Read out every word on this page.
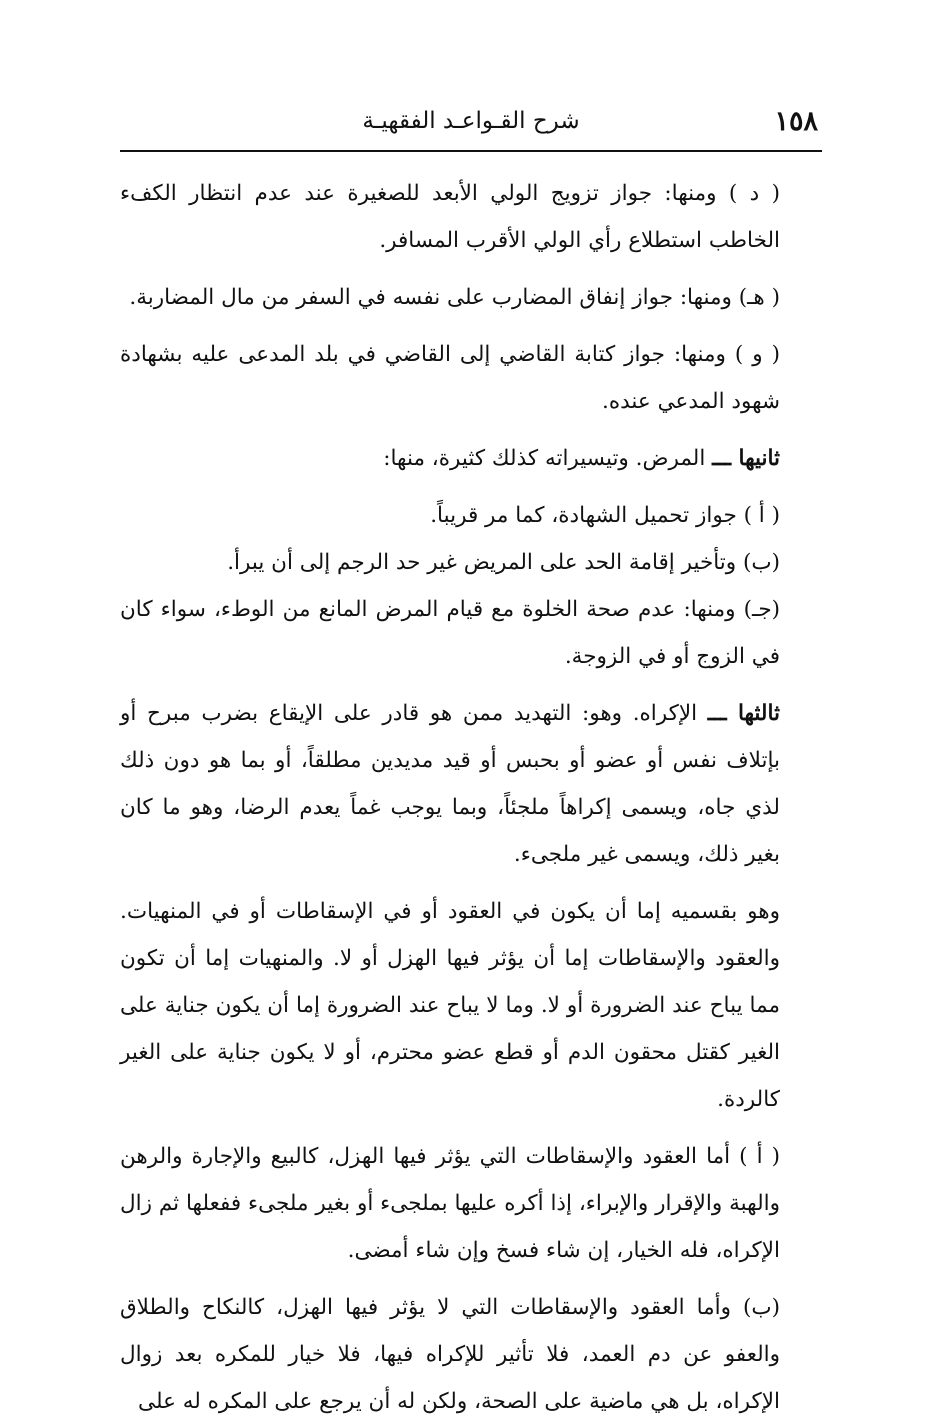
١٥٨
شرح القـواعـد الفقهيـة

( د ) ومنها: جواز تزويج الولي الأبعد للصغيرة عند عدم انتظار الكفء الخاطب استطلاع رأي الولي الأقرب المسافر.

( هـ) ومنها: جواز إنفاق المضارب على نفسه في السفر من مال المضاربة.

( و ) ومنها: جواز كتابة القاضي إلى القاضي في بلد المدعى عليه بشهادة شهود المدعي عنده.

ثانيها ـــ المرض. وتيسيراته كذلك كثيرة، منها:

( أ ) جواز تحميل الشهادة، كما مر قريباً.

(ب) وتأخير إقامة الحد على المريض غير حد الرجم إلى أن يبرأ.

(جـ) ومنها: عدم صحة الخلوة مع قيام المرض المانع من الوطء، سواء كان في الزوج أو في الزوجة.

ثالثها ـــ الإكراه. وهو: التهديد ممن هو قادر على الإيقاع بضرب مبرح أو بإتلاف نفس أو عضو أو بحبس أو قيد مديدين مطلقاً، أو بما هو دون ذلك لذي جاه، ويسمى إكراهاً ملجئاً، وبما يوجب غماً يعدم الرضا، وهو ما كان بغير ذلك، ويسمى غير ملجىء.

وهو بقسميه إما أن يكون في العقود أو في الإسقاطات أو في المنهيات. والعقود والإسقاطات إما أن يؤثر فيها الهزل أو لا. والمنهيات إما أن تكون مما يباح عند الضرورة أو لا. وما لا يباح عند الضرورة إما أن يكون جناية على الغير كقتل محقون الدم أو قطع عضو محترم، أو لا يكون جناية على الغير كالردة.

( أ ) أما العقود والإسقاطات التي يؤثر فيها الهزل، كالبيع والإجارة والرهن والهبة والإقرار والإبراء، إذا أكره عليها بملجىء أو بغير ملجىء ففعلها ثم زال الإكراه، فله الخيار، إن شاء فسخ وإن شاء أمضى.

(ب) وأما العقود والإسقاطات التي لا يؤثر فيها الهزل، كالنكاح والطلاق والعفو عن دم العمد، فلا تأثير للإكراه فيها، فلا خيار للمكره بعد زوال الإكراه، بل هي ماضية على الصحة، ولكن له أن يرجع على المكره له على
